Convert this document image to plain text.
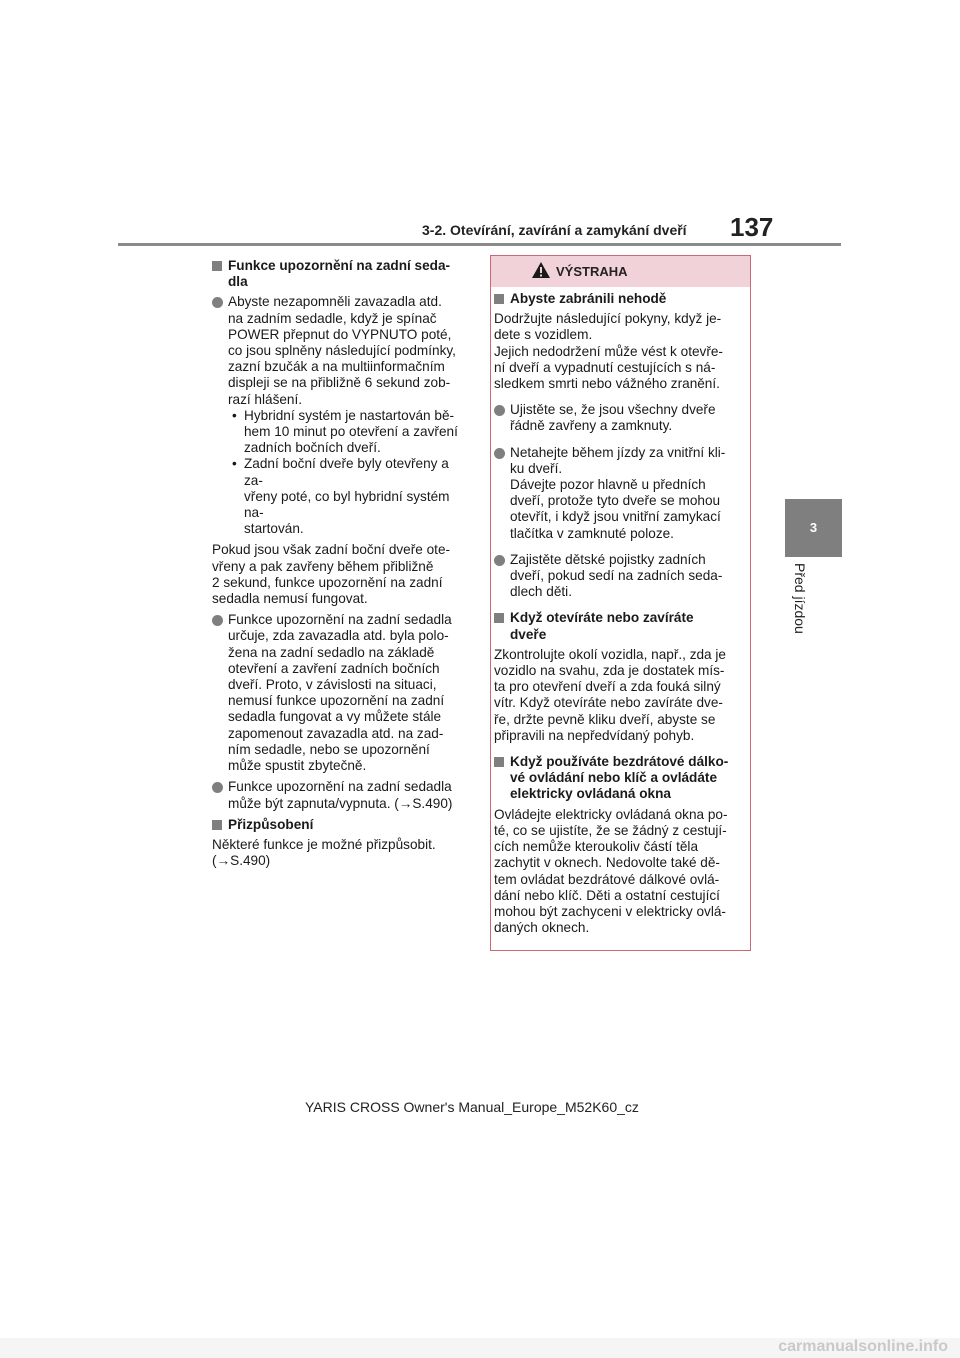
3-2. Otevírání, zavírání a zamykání dveří 137
3
Před jízdou
Funkce upozornění na zadní seda-
dla
Abyste nezapomněli zavazadla atd.
na zadním sedadle, když je spínač
POWER přepnut do VYPNUTO poté,
co jsou splněny následující podmínky,
zazní bzučák a na multiinformačním
displeji se na přibližně 6 sekund zob-
razí hlášení.
• Hybridní systém je nastartován bě-
hem 10 minut po otevření a zavření
zadních bočních dveří.
• Zadní boční dveře byly otevřeny a za-
vřeny poté, co byl hybridní systém na-
startován.
Pokud jsou však zadní boční dveře ote-
vřeny a pak zavřeny během přibližně
2 sekund, funkce upozornění na zadní
sedadla nemusí fungovat.
Funkce upozornění na zadní sedadla
určuje, zda zavazadla atd. byla polo-
žena na zadní sedadlo na základě
otevření a zavření zadních bočních
dveří. Proto, v závislosti na situaci,
nemusí funkce upozornění na zadní
sedadla fungovat a vy můžete stále
zapomenout zavazadla atd. na zad-
ním sedadle, nebo se upozornění
může spustit zbytečně.
Funkce upozornění na zadní sedadla
může být zapnuta/vypnuta. (→S.490)
Přizpůsobení
Některé funkce je možné přizpůsobit.
(→S.490)
VÝSTRAHA
Abyste zabránili nehodě
Dodržujte následující pokyny, když je-
dete s vozidlem.
Jejich nedodržení může vést k otevře-
ní dveří a vypadnutí cestujících s ná-
sledkem smrti nebo vážného zranění.
Ujistěte se, že jsou všechny dveře
řádně zavřeny a zamknuty.
Netahejte během jízdy za vnitřní kli-
ku dveří.
Dávejte pozor hlavně u předních
dveří, protože tyto dveře se mohou
otevřít, i když jsou vnitřní zamykací
tlačítka v zamknuté poloze.
Zajistěte dětské pojistky zadních
dveří, pokud sedí na zadních seda-
dlech děti.
Když otevíráte nebo zavíráte
dveře
Zkontrolujte okolí vozidla, např., zda je
vozidlo na svahu, zda je dostatek mís-
ta pro otevření dveří a zda fouká silný
vítr. Když otevíráte nebo zavíráte dve-
ře, držte pevně kliku dveří, abyste se
připravili na nepředvídaný pohyb.
Když používáte bezdrátové dálko-
vé ovládání nebo klíč a ovládáte
elektricky ovládaná okna
Ovládejte elektricky ovládaná okna po-
té, co se ujistíte, že se žádný z cestují-
cích nemůže kteroukoliv částí těla
zachytit v oknech. Nedovolte také dě-
tem ovládat bezdrátové dálkové ovlá-
dání nebo klíč. Děti a ostatní cestující
mohou být zachyceni v elektricky ovlá-
daných oknech.
YARIS CROSS Owner's Manual_Europe_M52K60_cz
carmanualsonline.info
